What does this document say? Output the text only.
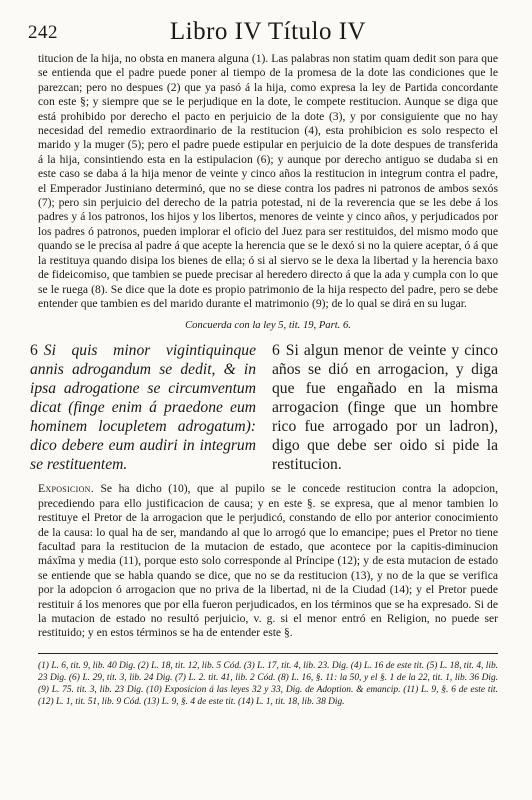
242	Libro IV Título IV

titucion de la hija, no obsta en manera alguna (1). Las palabras non statim quam dedit son para que se entienda que el padre puede poner al tiempo de la promesa de la dote las condiciones que le parezcan; pero no despues (2) que ya pasó á la hija, como expresa la ley de Partida concordante con este §; y siempre que se le perjudique en la dote, le compete restitucion. Aunque se diga que está prohibido por derecho el pacto en perjuicio de la dote (3), y por consiguiente que no hay necesidad del remedio extraordinario de la restitucion (4), esta prohibicion es solo respecto el marido y la muger (5); pero el padre puede estipular en perjuicio de la dote despues de transferida á la hija, consintiendo esta en la estipulacion (6); y aunque por derecho antiguo se dudaba si en este caso se daba á la hija menor de veinte y cinco años la restitucion in integrum contra el padre, el Emperador Justiniano determinó, que no se diese contra los padres ni patronos de ambos sexós (7); pero sin perjuicio del derecho de la patria potestad, ni de la reverencia que se les debe á los padres y á los patronos, los hijos y los libertos, menores de veinte y cinco años, y perjudicados por los padres ó patronos, pueden implorar el oficio del Juez para ser restituidos, del mismo modo que quando se le precisa al padre á que acepte la herencia que se le dexó si no la quiere aceptar, ó á que la restituya quando disipa los bienes de ella; ó si al siervo se le dexa la libertad y la herencia baxo de fideicomiso, que tambien se puede precisar al heredero directo á que la ada y cumpla con lo que se le ruega (8). Se dice que la dote es propio patrimonio de la hija respecto del padre, pero se debe entender que tambien es del marido durante el matrimonio (9); de lo qual se dirá en su lugar.

Concuerda con la ley 5, tit. 19, Part. 6.
6 Si quis minor vigintiquinque annis adrogandum se dedit, & in ipsa adrogatione se circumventum dicat (finge enim á praedone eum hominem locupletem adrogatum): dico debere eum audiri in integrum se restituentem.
6 Si algun menor de veinte y cinco años se dió en arrogacion, y diga que fue engañado en la misma arrogacion (finge que un hombre rico fue arrogado por un ladron), digo que debe ser oido si pide la restitucion.

Exposicion. Se ha dicho (10), que al pupilo se le concede restitucion contra la adopcion, precediendo para ello justificacion de causa; y en este §. se expresa, que al menor tambien lo restituye el Pretor de la arrogacion que le perjudicó, constando de ello por anterior conocimiento de la causa: lo qual ha de ser, mandando al que lo arrogó que lo emancipe; pues el Pretor no tiene facultad para la restitucion de la mutacion de estado, que acontece por la capitis-diminucion máxîma y media (11), porque esto solo corresponde al Príncipe (12); y de esta mutacion de estado se entiende que se habla quando se dice, que no se da restitucion (13), y no de la que se verifica por la adopcion ó arrogacion que no priva de la libertad, ni de la Ciudad (14); y el Pretor puede restituir á los menores que por ella fueron perjudicados, en los términos que se ha expresado. Si de la mutacion de estado no resultó perjuicio, v. g. si el menor entró en Religion, no puede ser restituido; y en estos términos se ha de entender este §.

(1) L. 6, tit. 9, lib. 40 Dig. (2) L. 18, tit. 12, lib. 5 Cód. (3) L. 17, tit. 4, lib. 23. Dig. (4) L. 16 de este tit. (5) L. 18, tit. 4, lib. 23 Dig. (6) L. 29, tit. 3, lib. 24 Dig. (7) L. 2. tit. 41, lib. 2 Cód. (8) L. 16, §. 11: la 50, y el §. 1 de la 22, tit. 1, lib. 36 Dig. (9) L. 75. tit. 3, lib. 23 Dig. (10) Exposicion á las leyes 32 y 33, Dig. de Adoption. & emancip. (11) L. 9, §. 6 de este tit. (12) L. 1, tit. 51, lib. 9 Cód. (13) L. 9, §. 4 de este tit. (14) L. 1, tit. 18, lib. 38 Dig.
